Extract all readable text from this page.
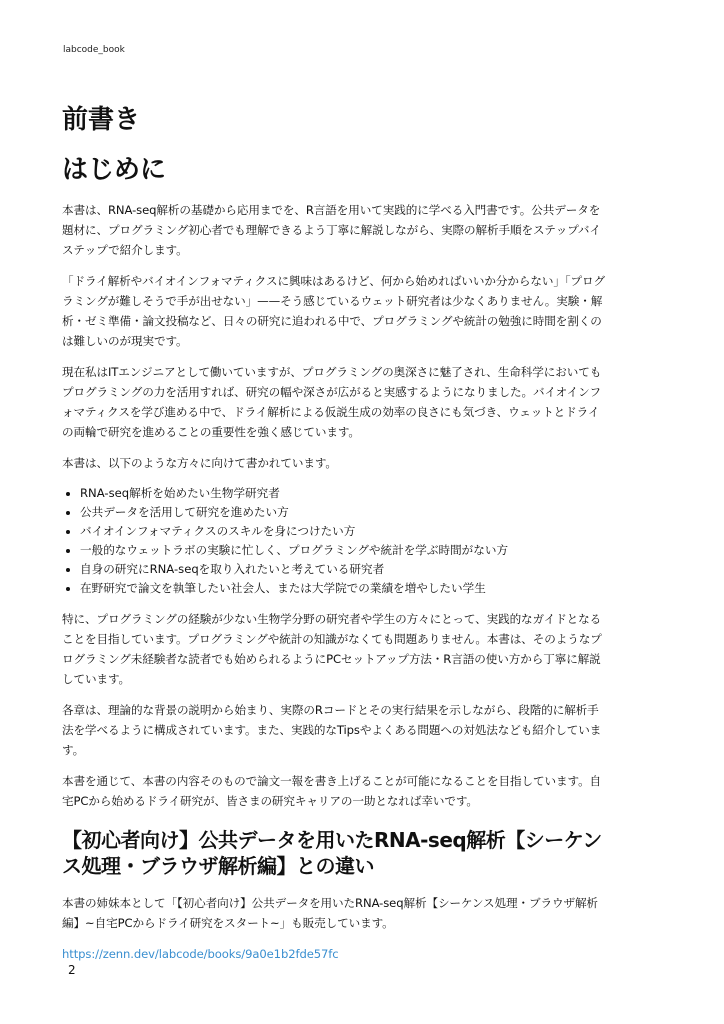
labcode_book
前書き
はじめに

本書は、RNA-seq解析の基礎から応用までを、R言語を用いて実践的に学べる入門書です。公共データを題材に、プログラミング初心者でも理解できるよう丁寧に解説しながら、実際の解析手順をステップバイステップで紹介します。

「ドライ解析やバイオインフォマティクスに興味はあるけど、何から始めればいいか分からない」「プログラミングが難しそうで手が出せない」——そう感じているウェット研究者は少なくありません。実験・解析・ゼミ準備・論文投稿など、日々の研究に追われる中で、プログラミングや統計の勉強に時間を割くのは難しいのが現実です。

現在私はITエンジニアとして働いていますが、プログラミングの奥深さに魅了され、生命科学においてもプログラミングの力を活用すれば、研究の幅や深さが広がると実感するようになりました。バイオインフォマティクスを学び進める中で、ドライ解析による仮説生成の効率の良さにも気づき、ウェットとドライの両輪で研究を進めることの重要性を強く感じています。

本書は、以下のような方々に向けて書かれています。

• RNA-seq解析を始めたい生物学研究者
• 公共データを活用して研究を進めたい方
• バイオインフォマティクスのスキルを身につけたい方
• 一般的なウェットラボの実験に忙しく、プログラミングや統計を学ぶ時間がない方
• 自身の研究にRNA-seqを取り入れたいと考えている研究者
• 在野研究で論文を執筆したい社会人、または大学院での業績を増やしたい学生

特に、プログラミングの経験が少ない生物学分野の研究者や学生の方々にとって、実践的なガイドとなることを目指しています。プログラミングや統計の知識がなくても問題ありません。本書は、そのようなプログラミング未経験者な読者でも始められるようにPCセットアップ方法・R言語の使い方から丁寧に解説しています。

各章は、理論的な背景の説明から始まり、実際のRコードとその実行結果を示しながら、段階的に解析手法を学べるように構成されています。また、実践的なTipsやよくある問題への対処法なども紹介しています。

本書を通じて、本書の内容そのもので論文一報を書き上げることが可能になることを目指しています。自宅PCから始めるドライ研究が、皆さまの研究キャリアの一助となれば幸いです。

【初心者向け】公共データを用いたRNA-seq解析【シーケンス処理・ブラウザ解析編】との違い

本書の姉妹本として「【初心者向け】公共データを用いたRNA-seq解析【シーケンス処理・ブラウザ解析編】~自宅PCからドライ研究をスタート~」も販売しています。

https://zenn.dev/labcode/books/9a0e1b2fde57fc

2
